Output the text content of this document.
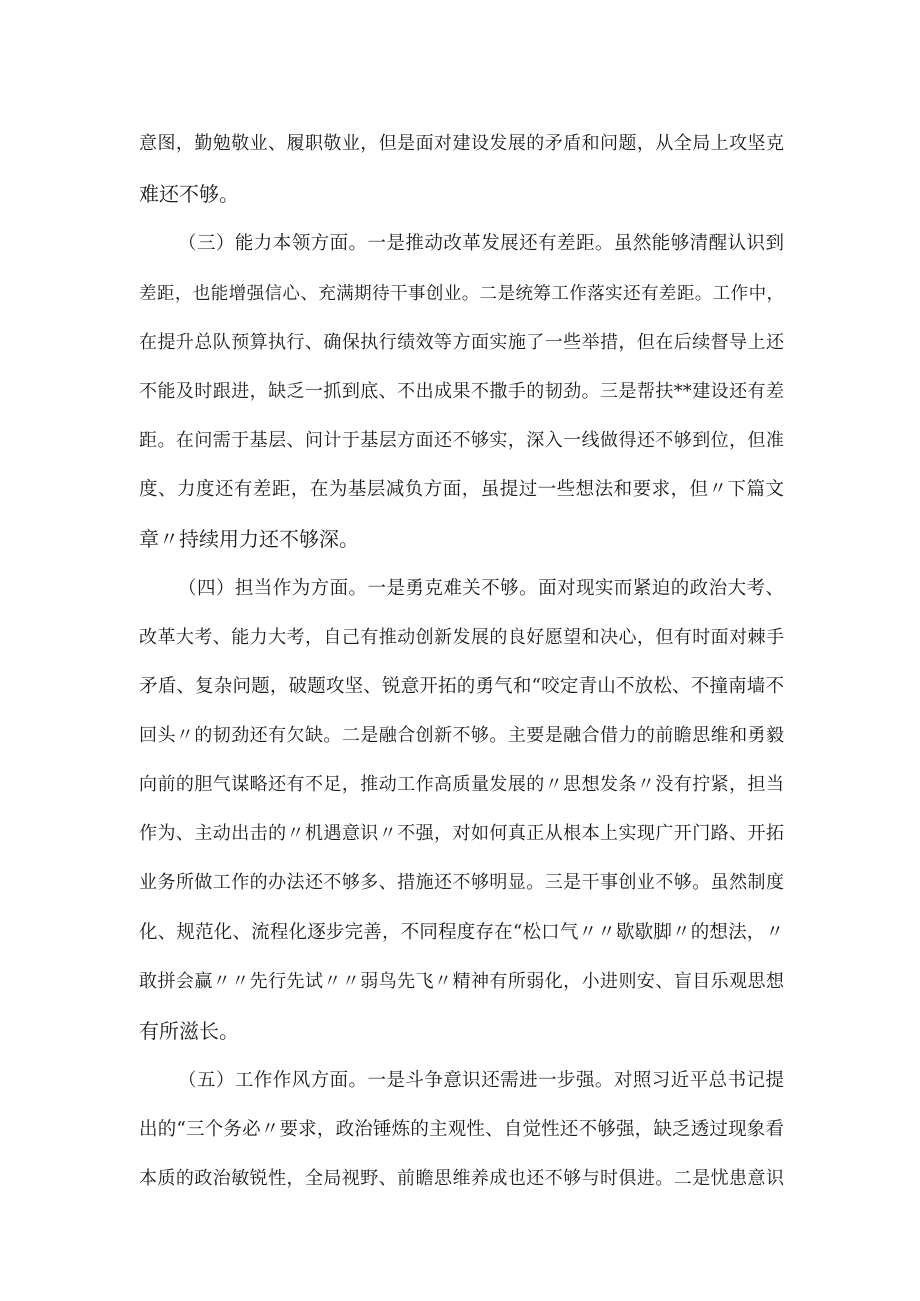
意图，勤勉敬业、履职敬业，但是面对建设发展的矛盾和问题，从全局上攻坚克

难还不够。

（三）能力本领方面。一是推动改革发展还有差距。虽然能够清醒认识到

差距，也能增强信心、充满期待干事创业。二是统筹工作落实还有差距。工作中，

在提升总队预算执行、确保执行绩效等方面实施了一些举措，但在后续督导上还

不能及时跟进，缺乏一抓到底、不出成果不撒手的韧劲。三是帮扶**建设还有差

距。在问需于基层、问计于基层方面还不够实，深入一线做得还不够到位，但准

度、力度还有差距，在为基层减负方面，虽提过一些想法和要求，但〃下篇文

章〃持续用力还不够深。

（四）担当作为方面。一是勇克难关不够。面对现实而紧迫的政治大考、

改革大考、能力大考，自己有推动创新发展的良好愿望和决心，但有时面对棘手

矛盾、复杂问题，破题攻坚、锐意开拓的勇气和“咬定青山不放松、不撞南墙不

回头〃的韧劲还有欠缺。二是融合创新不够。主要是融合借力的前瞻思维和勇毅

向前的胆气谋略还有不足，推动工作高质量发展的〃思想发条〃没有拧紧，担当

作为、主动出击的〃机遇意识〃不强，对如何真正从根本上实现广开门路、开拓

业务所做工作的办法还不够多、措施还不够明显。三是干事创业不够。虽然制度

化、规范化、流程化逐步完善，不同程度存在“松口气〃〃歇歇脚〃的想法，〃

敢拼会赢〃〃先行先试〃〃弱鸟先飞〃精神有所弱化，小进则安、盲目乐观思想

有所滋长。

（五）工作作风方面。一是斗争意识还需进一步强。对照习近平总书记提

出的“三个务必〃要求，政治锤炼的主观性、自觉性还不够强，缺乏透过现象看

本质的政治敏锐性，全局视野、前瞻思维养成也还不够与时俱进。二是忧患意识
